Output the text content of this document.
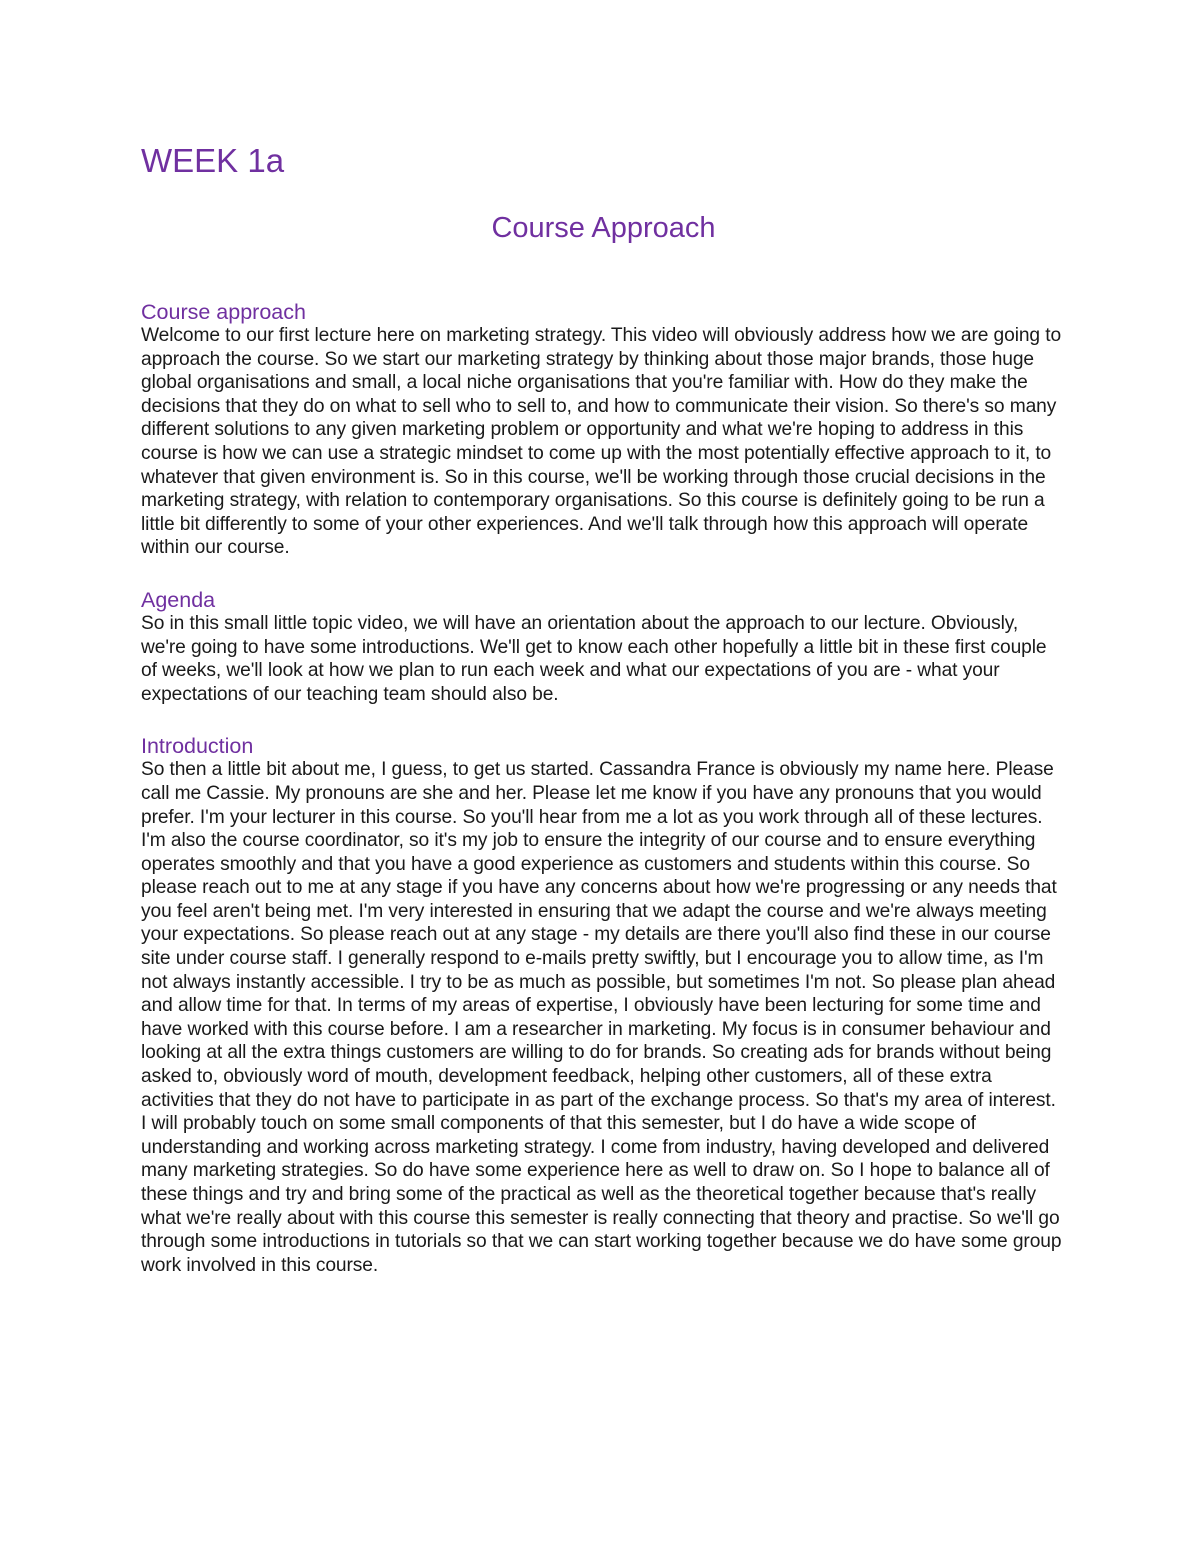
WEEK 1a
Course Approach
Course approach

Welcome to our first lecture here on marketing strategy. This video will obviously address how we are going to approach the course. So we start our marketing strategy by thinking about those major brands, those huge global organisations and small, a local niche organisations that you're familiar with. How do they make the decisions that they do on what to sell who to sell to, and how to communicate their vision. So there's so many different solutions to any given marketing problem or opportunity and what we're hoping to address in this course is how we can use a strategic mindset to come up with the most potentially effective approach to it, to whatever that given environment is. So in this course, we'll be working through those crucial decisions in the marketing strategy, with relation to contemporary organisations. So this course is definitely going to be run a little bit differently to some of your other experiences. And we'll talk through how this approach will operate within our course.

Agenda

So in this small little topic video, we will have an orientation about the approach to our lecture. Obviously, we're going to have some introductions. We'll get to know each other hopefully a little bit in these first couple of weeks, we'll look at how we plan to run each week and what our expectations of you are - what your expectations of our teaching team should also be.

Introduction

So then a little bit about me, I guess, to get us started. Cassandra France is obviously my name here. Please call me Cassie. My pronouns are she and her. Please let me know if you have any pronouns that you would prefer. I'm your lecturer in this course. So you'll hear from me a lot as you work through all of these lectures. I'm also the course coordinator, so it's my job to ensure the integrity of our course and to ensure everything operates smoothly and that you have a good experience as customers and students within this course. So please reach out to me at any stage if you have any concerns about how we're progressing or any needs that you feel aren't being met. I'm very interested in ensuring that we adapt the course and we're always meeting your expectations. So please reach out at any stage - my details are there you'll also find these in our course site under course staff. I generally respond to e-mails pretty swiftly, but I encourage you to allow time, as I'm not always instantly accessible. I try to be as much as possible, but sometimes I'm not. So please plan ahead and allow time for that. In terms of my areas of expertise, I obviously have been lecturing for some time and have worked with this course before. I am a researcher in marketing. My focus is in consumer behaviour and looking at all the extra things customers are willing to do for brands. So creating ads for brands without being asked to, obviously word of mouth, development feedback, helping other customers, all of these extra activities that they do not have to participate in as part of the exchange process. So that's my area of interest. I will probably touch on some small components of that this semester, but I do have a wide scope of understanding and working across marketing strategy. I come from industry, having developed and delivered many marketing strategies. So do have some experience here as well to draw on. So I hope to balance all of these things and try and bring some of the practical as well as the theoretical together because that's really what we're really about with this course this semester is really connecting that theory and practise. So we'll go through some introductions in tutorials so that we can start working together because we do have some group work involved in this course.
